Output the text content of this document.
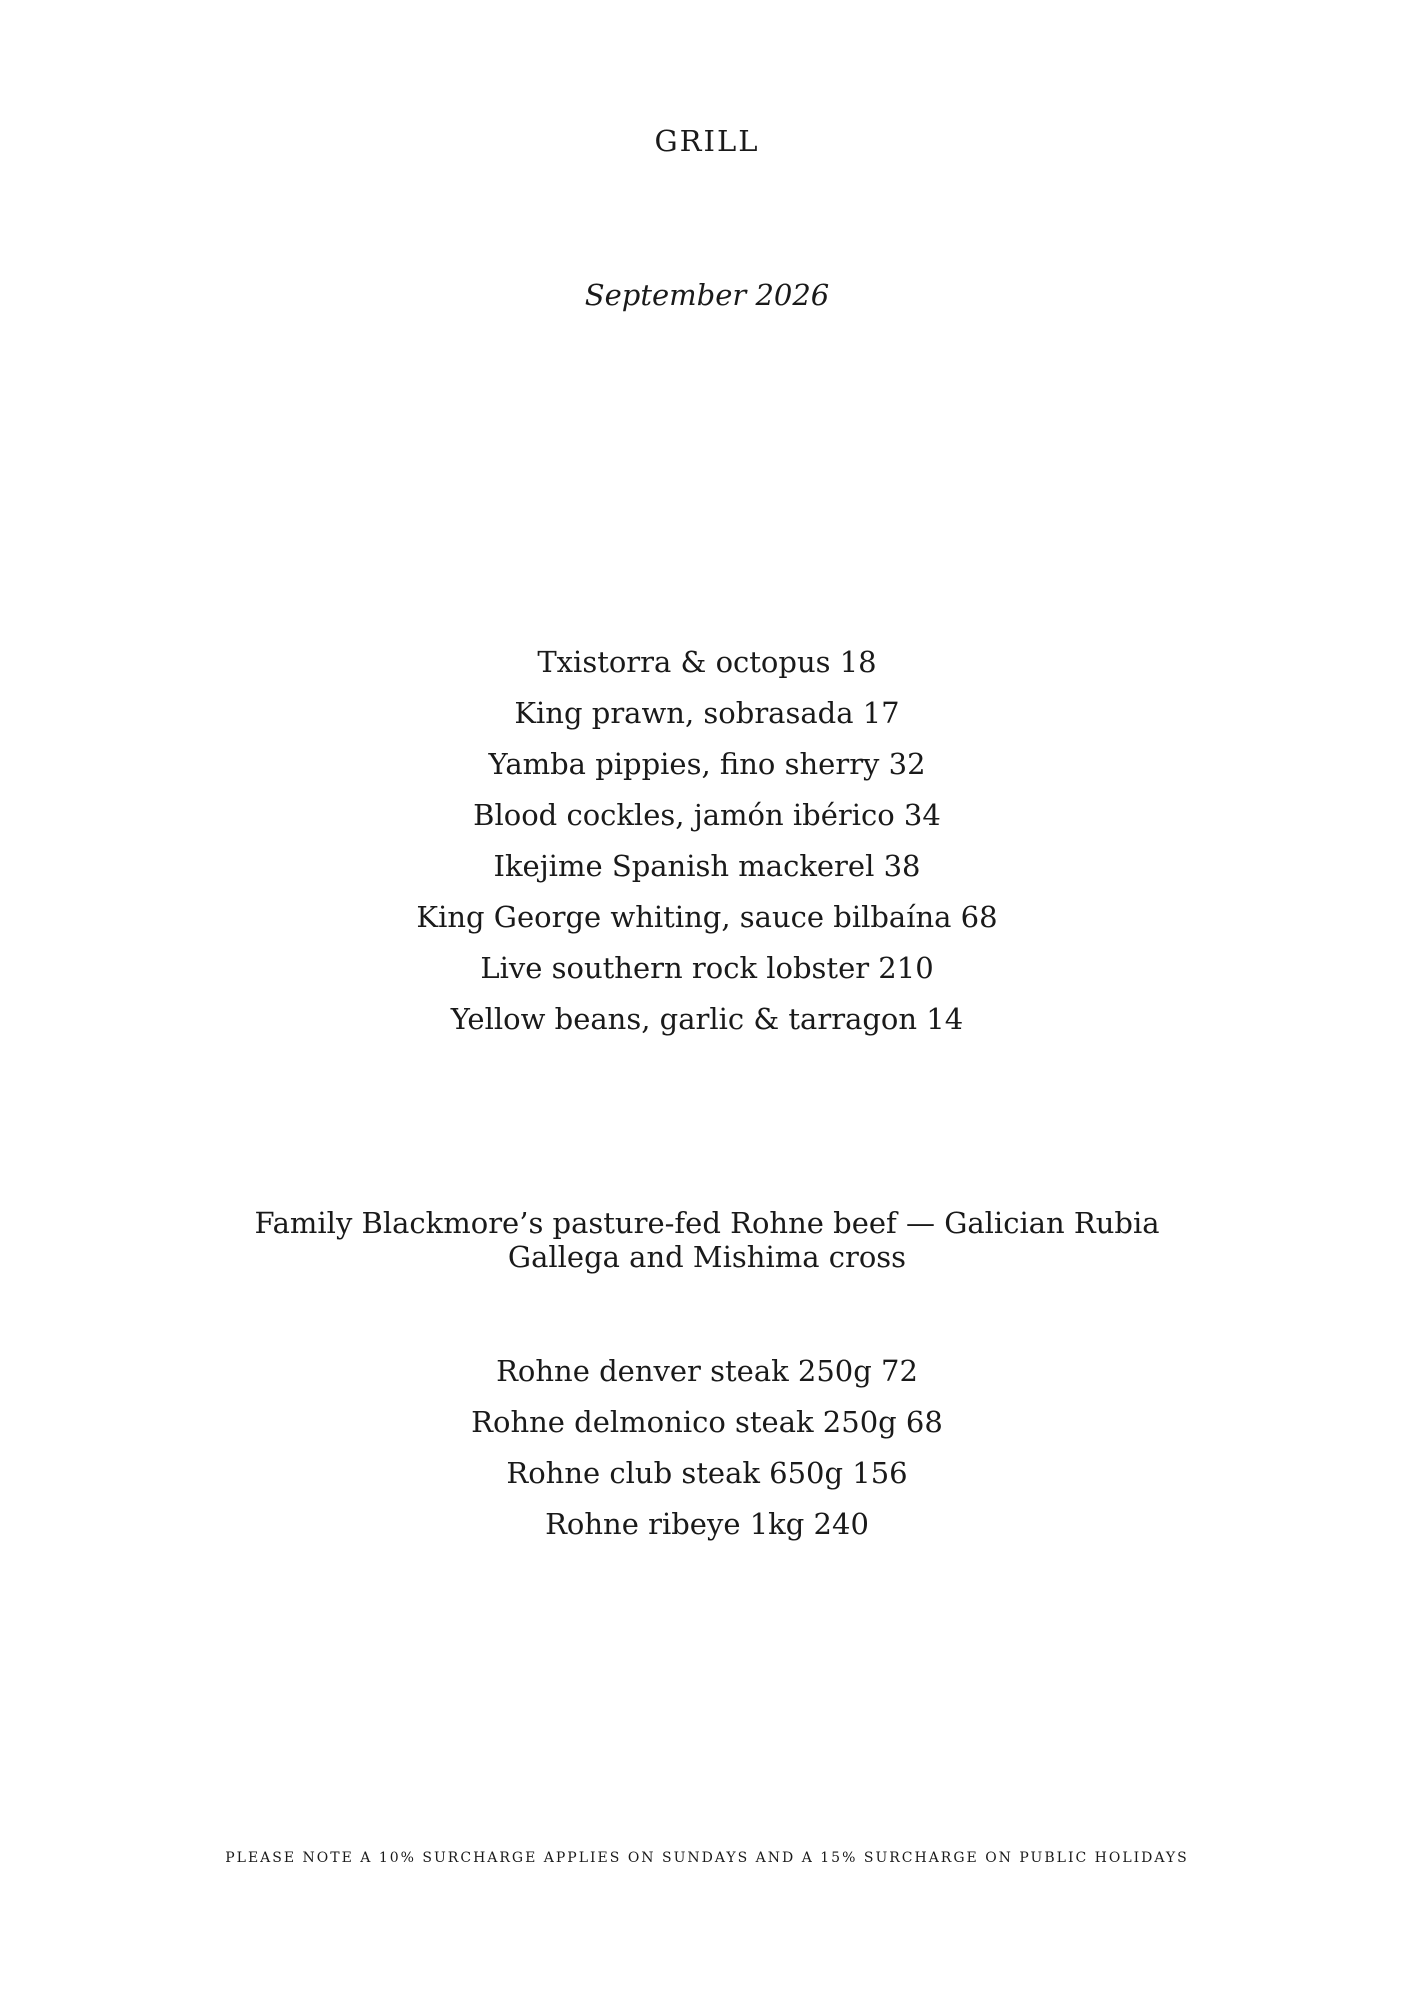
GRILL

September 2026

Txistorra & octopus 18
King prawn, sobrasada 17
Yamba pippies, fino sherry 32
Blood cockles, jamón ibérico 34
Ikejime Spanish mackerel 38
King George whiting, sauce bilbaína 68
Live southern rock lobster 210
Yellow beans, garlic & tarragon 14

Family Blackmore’s pasture-fed Rohne beef — Galician Rubia Gallega and Mishima cross

Rohne denver steak 250g 72
Rohne delmonico steak 250g 68
Rohne club steak 650g 156
Rohne ribeye 1kg 240

PLEASE NOTE A 10% SURCHARGE APPLIES ON SUNDAYS AND A 15% SURCHARGE ON PUBLIC HOLIDAYS
